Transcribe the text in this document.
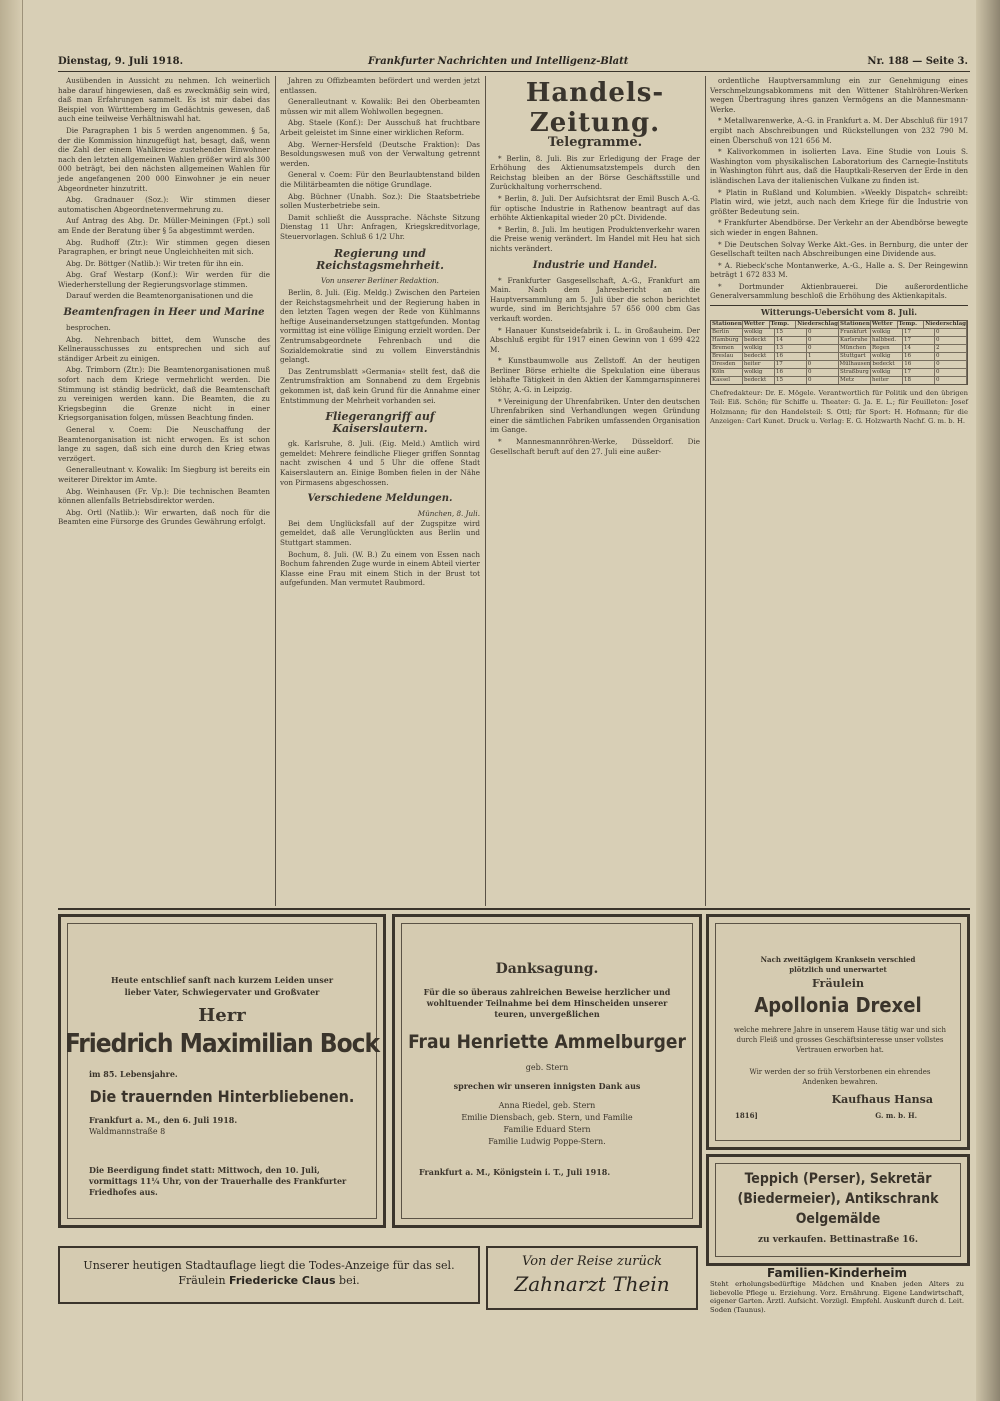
Dienstag, 9. Juli 1918.	Frankfurter Nachrichten und Intelligenz-Blatt	Nr. 188 — Seite 3.

Ausübenden in Aussicht zu nehmen. Ich weinerlich habe darauf hingewiesen, daß es zweckmäßig sein wird, daß man Erfahrungen sammelt. Es ist mir dabei das Beispiel von Württemberg im Gedächtnis gewesen, daß auch eine teilweise Verhältniswahl hat.

Die Paragraphen 1 bis 5 werden angenommen. § 5a, der die Kommission hinzugefügt hat, besagt, daß, wenn die Zahl der einem Wahlkreise zustehenden Einwohner nach den letzten allgemeinen Wahlen größer wird als 300 000 beträgt, bei den nächsten allgemeinen Wahlen für jede angefangenen 200 000 Einwohner je ein neuer Abgeordneter hinzutritt.

Abg. Gradnauer (Soz.): Wir stimmen dieser automatischen Abgeordnetenvermehrung zu.

Auf Antrag des Abg. Dr. Müller-Meiningen (Fpt.) soll am Ende der Beratung über § 5a abgestimmt werden.

Abg. Rudhoff (Ztr.): Wir stimmen gegen diesen Paragraphen, er bringt neue Ungleichheiten mit sich.

Abg. Dr. Böttger (Natlib.): Wir treten für ihn ein.

Abg. Graf Westarp (Konf.): Wir werden für die Wiederherstellung der Regierungsvorlage stimmen.

Darauf werden die Beamtenorganisationen und die

Beamtenfragen in Heer und Marine

besprochen.

Abg. Nehrenbach bittet, dem Wunsche des Kellnerausschusses zu entsprechen und sich auf ständiger Arbeit zu einigen.

Abg. Trimborn (Ztr.): Die Beamtenorganisationen muß sofort nach dem Kriege vermehrlicht werden. Die Stimmung ist ständig bedrückt, daß die Beamtenschaft zu vereinigen werden kann. Die Beamten, die zu Kriegsbeginn die Grenze nicht in einer Kriegsorganisation folgen, müssen Beachtung finden.

General v. Coem: Die Neuschaffung der Beamtenorganisation ist nicht erwogen. Es ist schon lange zu sagen, daß sich eine durch den Krieg etwas verzögert.

Generalleutnant v. Kowalik: Im Siegburg ist bereits ein weiterer Direktor im Amte.

Abg. Weinhausen (Fr. Vp.): Die technischen Beamten können allenfalls Betriebsdirektor werden.

Abg. Ortl (Natlib.): Wir erwarten, daß noch für die Beamten eine Fürsorge des Grundes Gewährung erfolgt.

Jahren zu Offizbeamten befördert und werden jetzt entlassen.

Generalleutnant v. Kowalik: Bei den Oberbeamten müssen wir mit allem Wohlwollen begegnen.

Abg. Staele (Konf.): Der Ausschuß hat fruchtbare Arbeit geleistet im Sinne einer wirklichen Reform.

Abg. Werner-Hersfeld (Deutsche Fraktion): Das Besoldungswesen muß von der Verwaltung getrennt werden.

General v. Coem: Für den Beurlaubtenstand bilden die Militärbeamten die nötige Grundlage.

Abg. Büchner (Unabh. Soz.): Die Staatsbetriebe sollen Musterbetriebe sein.

Damit schließt die Aussprache. Nächste Sitzung Dienstag 11 Uhr: Anfragen, Kriegskreditvorlage, Steuervorlagen. Schluß 6 1/2 Uhr.

Regierung und Reichstagsmehrheit.
Von unserer Berliner Redaktion.

Berlin, 8. Juli. (Eig. Meldg.) Zwischen den Parteien der Reichstagsmehrheit und der Regierung haben in den letzten Tagen wegen der Rede von Kühlmanns heftige Auseinandersetzungen stattgefunden. Montag vormittag ist eine völlige Einigung erzielt worden. Der Zentrumsabgeordnete Fehrenbach und die Sozialdemokratie sind zu vollem Einverständnis gelangt.

Das Zentrumsblatt »Germania« stellt fest, daß die Zentrumsfraktion am Sonnabend zu dem Ergebnis gekommen ist, daß kein Grund für die Annahme einer Entstimmung der Mehrheit vorhanden sei.

Fliegerangriff auf Kaiserslautern.

gk. Karlsruhe, 8. Juli. (Eig. Meld.) Amtlich wird gemeldet: Mehrere feindliche Flieger griffen Sonntag nacht zwischen 4 und 5 Uhr die offene Stadt Kaiserslautern an. Einige Bomben fielen in der Nähe von Pirmasens abgeschossen.

Verschiedene Meldungen.
München, 8. Juli.

Bei dem Unglücksfall auf der Zugspitze wird gemeldet, daß alle Verunglückten aus Berlin und Stuttgart stammen.

Bochum, 8. Juli. (W. B.) Zu einem von Essen nach Bochum fahrenden Zuge wurde in einem Abteil vierter Klasse eine Frau mit einem Stich in der Brust tot aufgefunden. Man vermutet Raubmord.

Handels-Zeitung.
Telegramme.

* Berlin, 8. Juli. Bis zur Erledigung der Frage der Erhöhung des Aktienumsatzstempels durch den Reichstag bleiben an der Börse Geschäftsstille und Zurückhaltung vorherrschend.

* Berlin, 8. Juli. Der Aufsichtsrat der Emil Busch A.-G. für optische Industrie in Rathenow beantragt auf das erhöhte Aktienkapital wieder 20 pCt. Dividende.

* Berlin, 8. Juli. Im heutigen Produktenverkehr waren die Preise wenig verändert. Im Handel mit Heu hat sich nichts verändert.

Industrie und Handel.

* Frankfurter Gasgesellschaft, A.-G., Frankfurt am Main. Nach dem Jahresbericht an die Hauptversammlung am 5. Juli über die schon berichtet wurde, sind im Berichtsjahre 57 656 000 cbm Gas verkauft worden.

* Hanauer Kunstseidefabrik i. L. in Großauheim. Der Abschluß ergibt für 1917 einen Gewinn von 1 699 422 M.

* Kunstbaumwolle aus Zellstoff. An der heutigen Berliner Börse erhielte die Spekulation eine überaus lebhafte Tätigkeit in den Aktien der Kammgarnspinnerei Stöhr, A.-G. in Leipzig.

* Vereinigung der Uhrenfabriken. Unter den deutschen Uhrenfabriken sind Verhandlungen wegen Gründung einer die sämtlichen Fabriken umfassenden Organisation im Gange.

* Mannesmannröhren-Werke, Düsseldorf. Die Gesellschaft beruft auf den 27. Juli eine außer-

ordentliche Hauptversammlung ein zur Genehmigung eines Verschmelzungsabkommens mit den Wittener Stahlröhren-Werken wegen Übertragung ihres ganzen Vermögens an die Mannesmann-Werke.

* Metallwarenwerke, A.-G. in Frankfurt a. M. Der Abschluß für 1917 ergibt nach Abschreibungen und Rückstellungen von 232 790 M. einen Überschuß von 121 656 M.

* Kalivorkommen in isolierten Lava. Eine Studie von Louis S. Washington vom physikalischen Laboratorium des Carnegie-Instituts in Washington führt aus, daß die Hauptkali-Reserven der Erde in den isländischen Lava der italienischen Vulkane zu finden ist.

* Platin in Rußland und Kolumbien. »Weekly Dispatch« schreibt: Platin wird, wie jetzt, auch nach dem Kriege für die Industrie von größter Bedeutung sein.

* Frankfurter Abendbörse. Der Verkehr an der Abendbörse bewegte sich wieder in engen Bahnen.

* Die Deutschen Solvay Werke Akt.-Ges. in Bernburg, die unter der Gesellschaft teilten nach Abschreibungen eine Dividende aus.

* A. Riebeck'sche Montanwerke, A.-G., Halle a. S. Der Reingewinn beträgt 1 672 833 M.

* Dortmunder Aktienbrauerei. Die außerordentliche Generalversammlung beschloß die Erhöhung des Aktienkapitals.

Witterungs-Uebersicht vom 8. Juli.
Stationen Wetter	Temp.	Niederschlag Stationen Wetter	Temp.	Niederschlag
Berlin	wolkig	15	0	Frankfurt wolkig	17	0
Hamburg bedeckt	14	0	Karlsruhe halbbed.	17	0
Bremen	wolkig	13	0	München	Regen	14	2
Breslau	bedeckt	16	1	Stuttgart	wolkig	16	0
Dresden	heiter	17	0	Mülhausen bedeckt	16	0
Köln	wolkig	16	0	Straßburg wolkig	17	0
Kassel	bedeckt	15	0	Metz	heiter	18	0

Chefredakteur: Dr. E. Mögele. Verantwortlich für Politik und den übrigen Teil: Eiß. Schön; für Schiffe u. Theater: G. Ja. E. L.; für Feuilleton: Josef Holzmann; für den Handelsteil: S. Ottl; für Sport: H. Hofmann; für die Anzeigen: Carl Kunet. Druck u. Verlag: E. G. Holzwarth Nachf. G. m. b. H.

Heute entschlief sanft nach kurzem Leiden unser
lieber Vater, Schwiegervater und Großvater
Herr
Friedrich Maximilian Bock
im 85. Lebensjahre.
Die trauernden Hinterbliebenen.
Frankfurt a. M., den 6. Juli 1918.
Waldmannstraße 8
Die Beerdigung findet statt: Mittwoch, den 10. Juli, vormittags 11¼ Uhr, von der Trauerhalle des Frankfurter Friedhofes aus.
Danksagung.
Für die so überaus zahlreichen Beweise herzlicher und wohltuender Teilnahme bei dem Hinscheiden unserer teuren, unvergeßlichen
Frau Henriette Ammelburger
geb. Stern
sprechen wir unseren innigsten Dank aus
Anna Riedel, geb. Stern
Emilie Diensbach, geb. Stern, und Familie
Familie Eduard Stern
Familie Ludwig Poppe-Stern.
Frankfurt a. M., Königstein i. T., Juli 1918.
Nach zweitägigem Kranksein verschied
plötzlich und unerwartet
Fräulein
Apollonia Drexel
welche mehrere Jahre in unserem Hause tätig war und sich durch Fleiß und grosses Geschäftsinteresse unser vollstes Vertrauen erworben hat.
Wir werden der so früh Verstorbenen ein ehrendes Andenken bewahren.
Kaufhaus Hansa
G. m. b. H.
1816]
Teppich (Perser), Sekretär
(Biedermeier), Antikschrank
Oelgemälde
zu verkaufen. Bettinastraße 16.
Unserer heutigen Stadtauflage liegt die Todes-Anzeige für das sel. Fräulein Friedericke Claus bei.
Von der Reise zurück
Zahnarzt Thein	Familien-Kinderheim
Steht erholungsbedürftige Mädchen und Knaben jeden Alters zu liebevolle Pflege u. Erziehung. Vorz. Ernährung. Eigene Landwirtschaft, eigener Garten. Ärztl. Aufsicht. Vorzügl. Empfehl. Auskunft durch d. Leit. Soden (Taunus).
